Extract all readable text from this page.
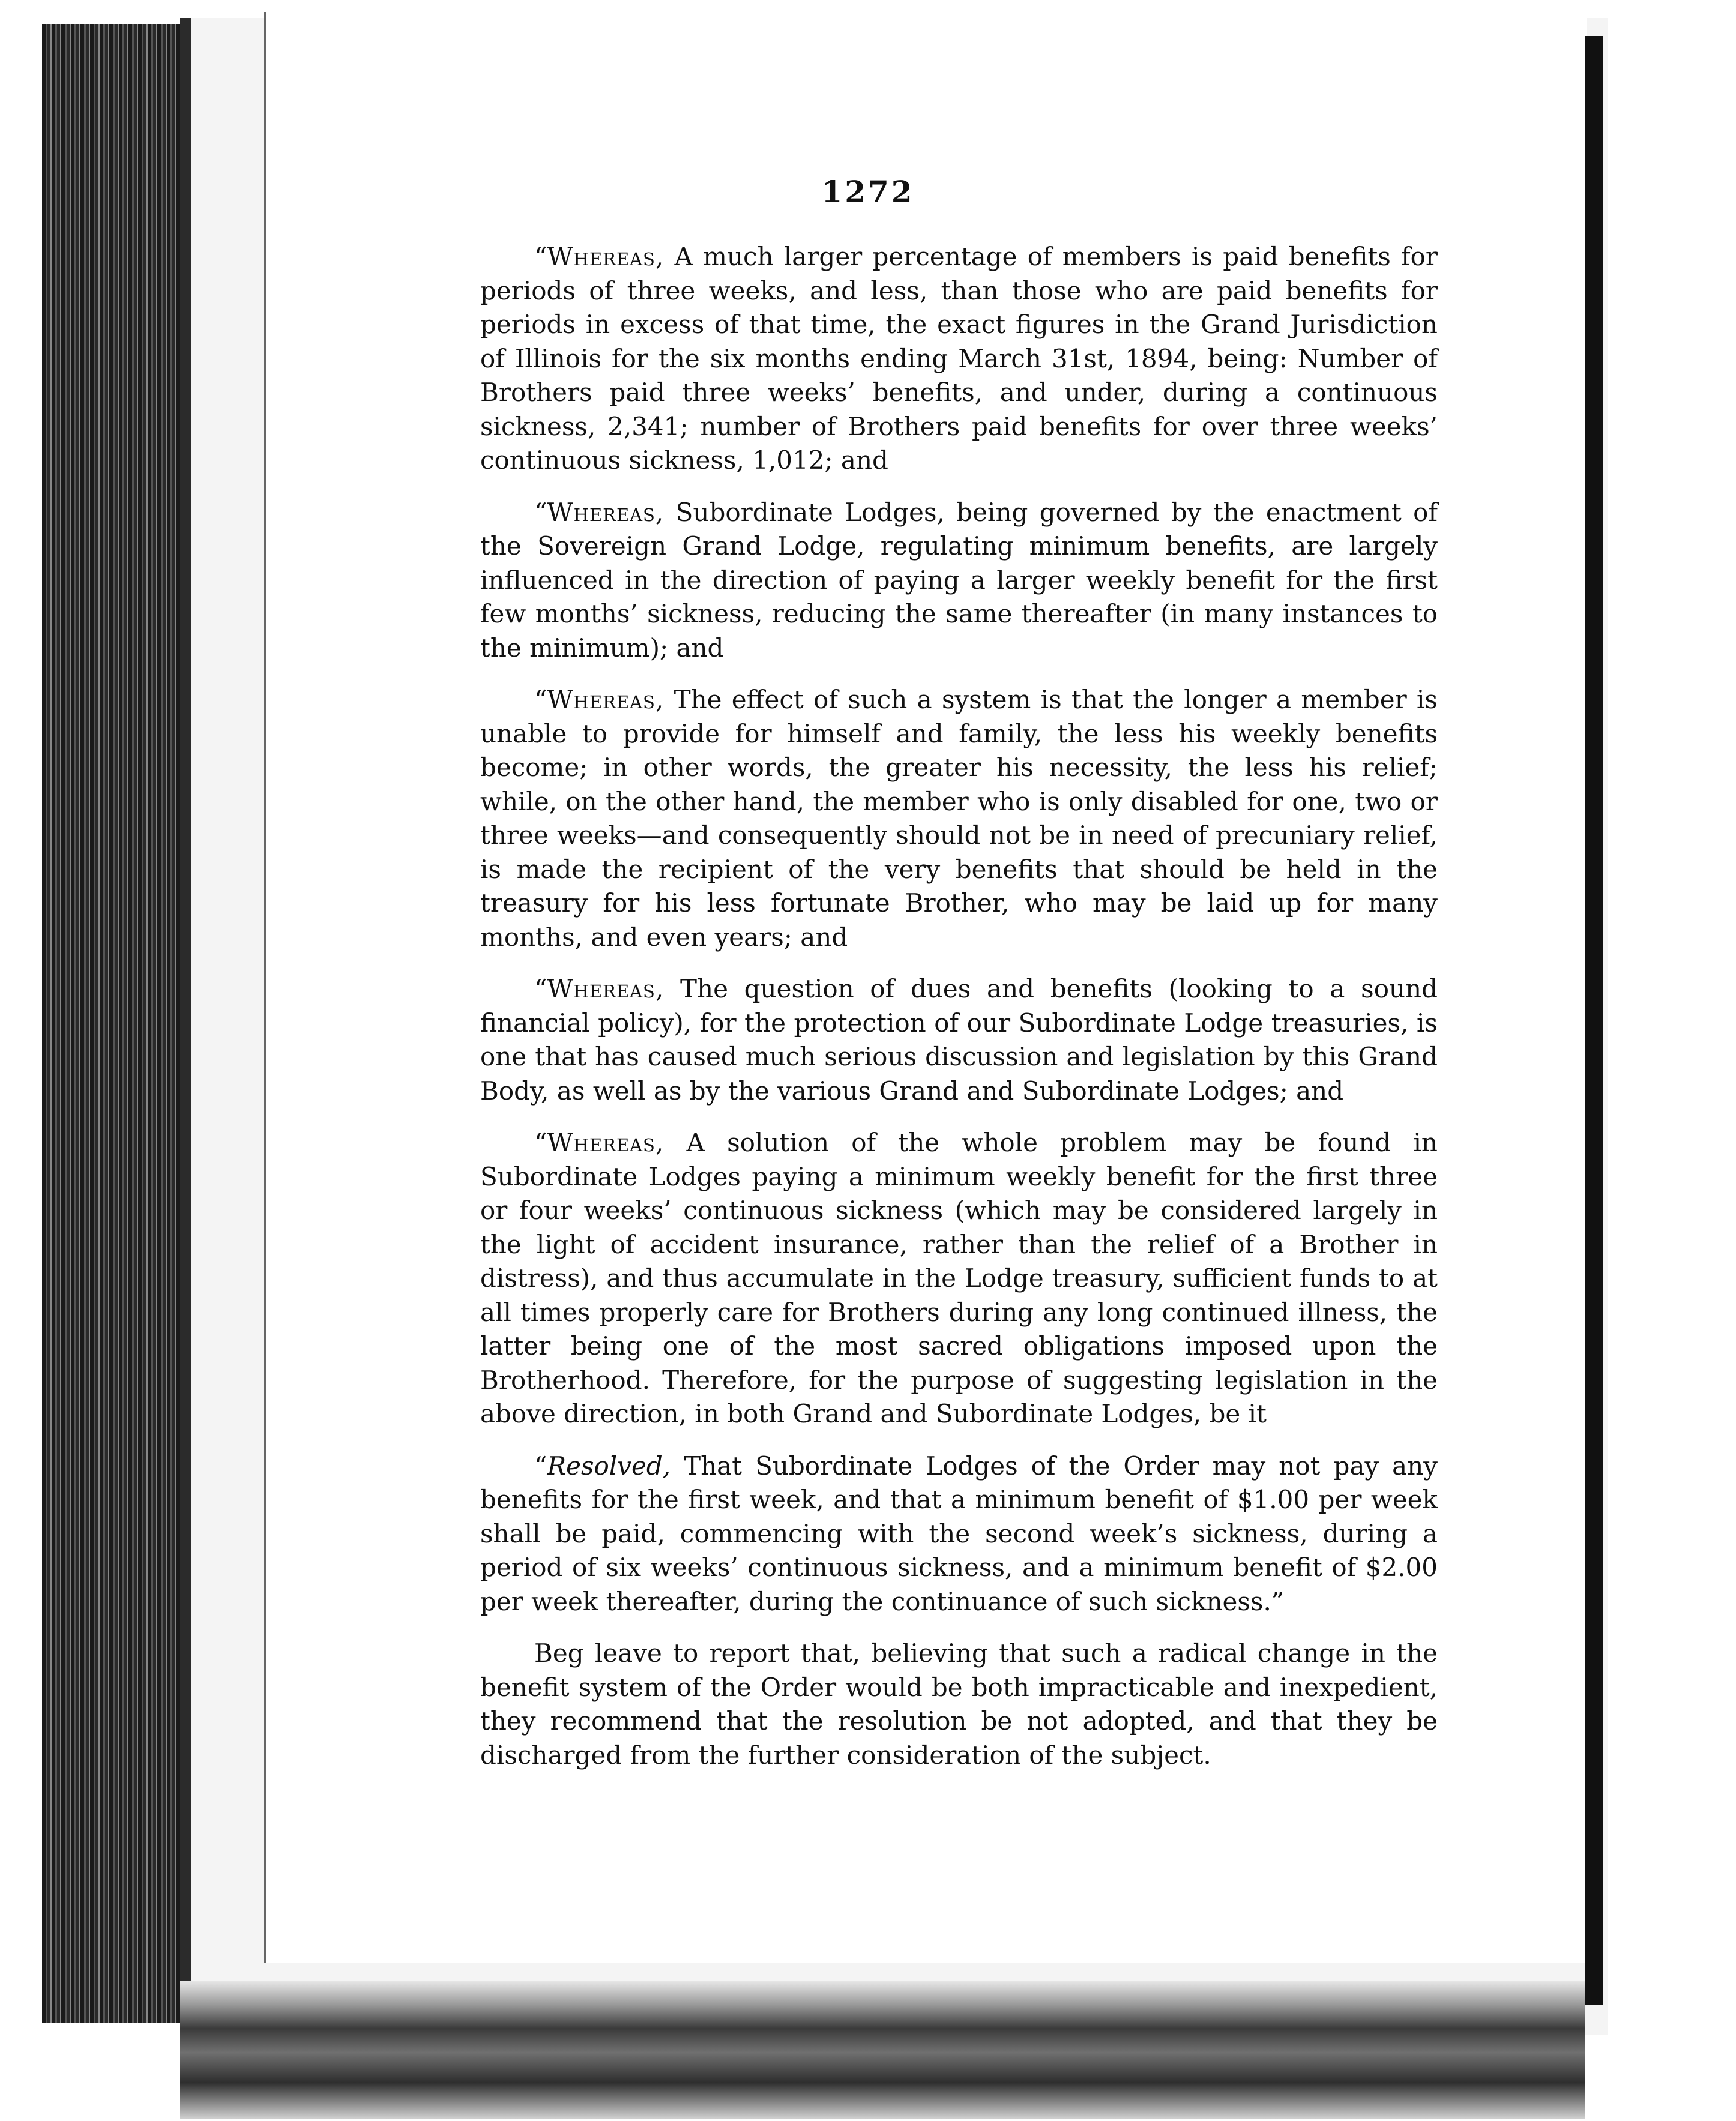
1272

“Whereas, A much larger percentage of members is paid benefits for periods of three weeks, and less, than those who are paid benefits for periods in excess of that time, the exact figures in the Grand Jurisdiction of Illinois for the six months ending March 31st, 1894, being: Number of Brothers paid three weeks’ benefits, and under, during a continuous sickness, 2,341; number of Brothers paid benefits for over three weeks’ continuous sickness, 1,012; and

“Whereas, Subordinate Lodges, being governed by the enactment of the Sovereign Grand Lodge, regulating minimum benefits, are largely influenced in the direction of paying a larger weekly benefit for the first few months’ sickness, reducing the same thereafter (in many instances to the minimum); and

“Whereas, The effect of such a system is that the longer a member is unable to provide for himself and family, the less his weekly benefits become; in other words, the greater his necessity, the less his relief; while, on the other hand, the member who is only disabled for one, two or three weeks—and consequently should not be in need of precuniary relief, is made the recipient of the very benefits that should be held in the treasury for his less fortunate Brother, who may be laid up for many months, and even years; and

“Whereas, The question of dues and benefits (looking to a sound financial policy), for the protection of our Subordinate Lodge treasuries, is one that has caused much serious discussion and legislation by this Grand Body, as well as by the various Grand and Subordinate Lodges; and

“Whereas, A solution of the whole problem may be found in Subordinate Lodges paying a minimum weekly benefit for the first three or four weeks’ continuous sickness (which may be considered largely in the light of accident insurance, rather than the relief of a Brother in distress), and thus accumulate in the Lodge treasury, sufficient funds to at all times properly care for Brothers during any long continued illness, the latter being one of the most sacred obligations imposed upon the Brotherhood. Therefore, for the purpose of suggesting legislation in the above direction, in both Grand and Subordinate Lodges, be it

“Resolved, That Subordinate Lodges of the Order may not pay any benefits for the first week, and that a minimum benefit of $1.00 per week shall be paid, commencing with the second week’s sickness, during a period of six weeks’ continuous sickness, and a minimum benefit of $2.00 per week thereafter, during the continuance of such sickness.”

Beg leave to report that, believing that such a radical change in the benefit system of the Order would be both impracticable and inexpedient, they recommend that the resolution be not adopted, and that they be discharged from the further consideration of the subject.
